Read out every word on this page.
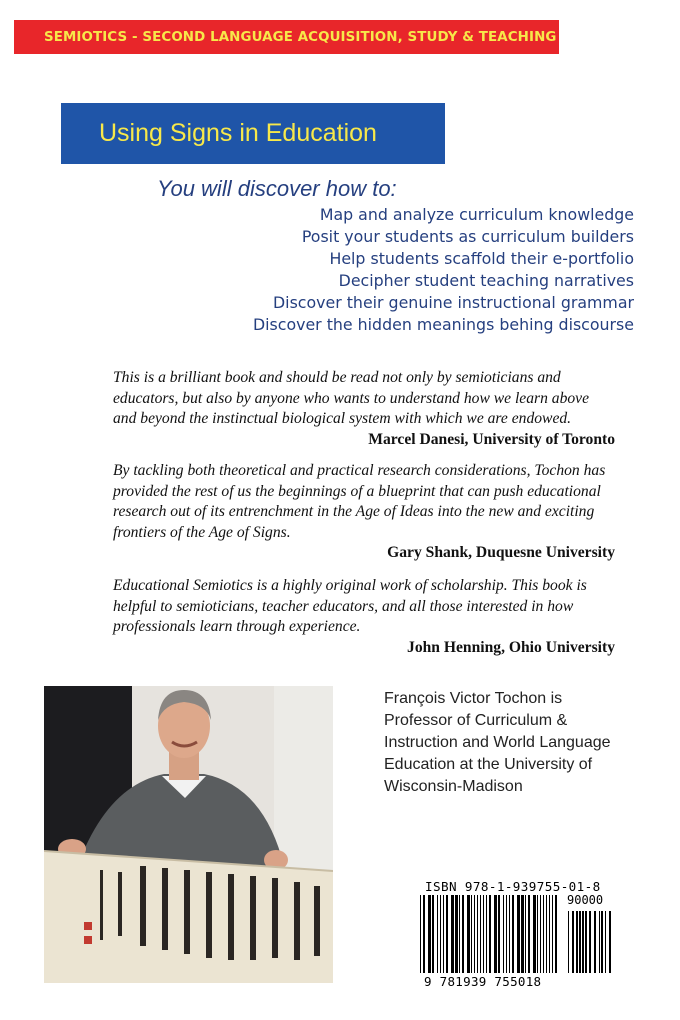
SEMIOTICS - SECOND LANGUAGE ACQUISITION, STUDY & TEACHING
Using Signs in Education
You will discover how to:
Map and analyze curriculum knowledge
Posit your students as curriculum builders
Help students scaffold their e-portfolio
Decipher student teaching narratives
Discover their genuine instructional grammar
Discover the hidden meanings behing discourse
This is a brilliant book and should be read not only by semioticians and educators, but also by anyone who wants to understand how we learn above and beyond the instinctual biological system with which we are endowed.
Marcel Danesi, University of Toronto
By tackling both theoretical and practical research considerations, Tochon has provided the rest of us the beginnings of a blueprint that can push educational research out of its entrenchment in the Age of Ideas into the new and exciting frontiers of the Age of Signs.
Gary Shank, Duquesne University
Educational Semiotics is a highly original work of scholarship. This book is helpful to semioticians, teacher educators, and all those interested in how professionals learn through experience.
John Henning, Ohio University
François Victor Tochon is Professor of Curriculum & Instruction and World Language Education at the University of Wisconsin-Madison
ISBN 978-1-939755-01-8
90000
9 781939 755018
